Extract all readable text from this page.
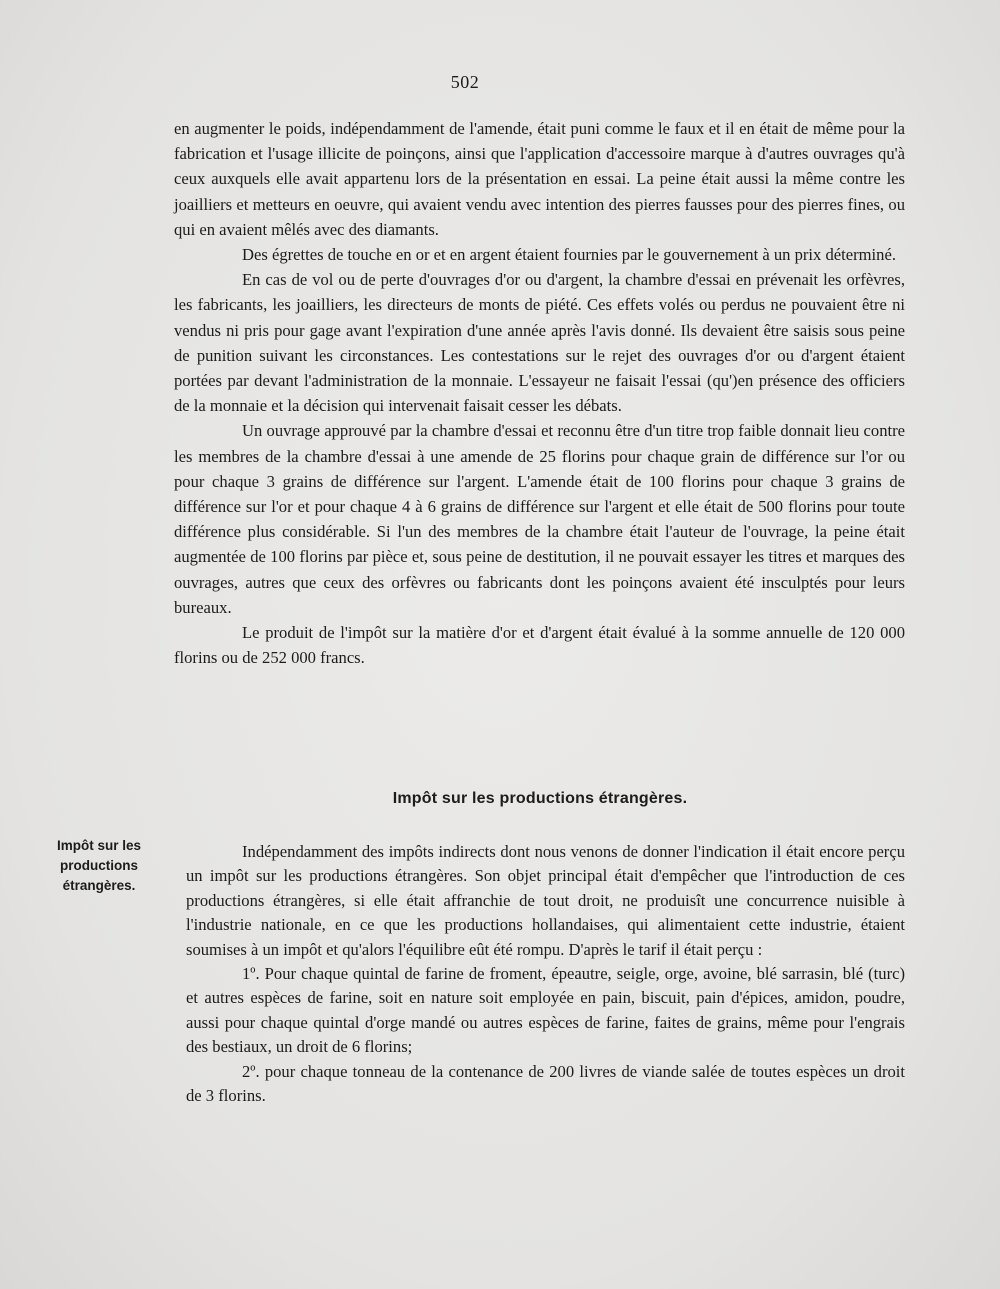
502

en augmenter le poids, indépendamment de l'amende, était puni comme le faux et il en était de même pour la fabrication et l'usage illicite de poinçons, ainsi que l'application d'accessoire marque à d'autres ouvrages qu'à ceux auxquels elle avait appartenu lors de la présentation en essai. La peine était aussi la même contre les joailliers et metteurs en oeuvre, qui avaient vendu avec intention des pierres fausses pour des pierres fines, ou qui en avaient mêlés avec des diamants.

Des égrettes de touche en or et en argent étaient fournies par le gouvernement à un prix déterminé.

En cas de vol ou de perte d'ouvrages d'or ou d'argent, la chambre d'essai en prévenait les orfèvres, les fabricants, les joailliers, les directeurs de monts de piété. Ces effets volés ou perdus ne pouvaient être ni vendus ni pris pour gage avant l'expiration d'une année après l'avis donné. Ils devaient être saisis sous peine de punition suivant les circonstances. Les contestations sur le rejet des ouvrages d'or ou d'argent étaient portées par devant l'administration de la monnaie. L'essayeur ne faisait l'essai (qu')en présence des officiers de la monnaie et la décision qui intervenait faisait cesser les débats.

Un ouvrage approuvé par la chambre d'essai et reconnu être d'un titre trop faible donnait lieu contre les membres de la chambre d'essai à une amende de 25 florins pour chaque grain de différence sur l'or ou pour chaque 3 grains de différence sur l'argent. L'amende était de 100 florins pour chaque 3 grains de différence sur l'or et pour chaque 4 à 6 grains de différence sur l'argent et elle était de 500 florins pour toute différence plus considérable. Si l'un des membres de la chambre était l'auteur de l'ouvrage, la peine était augmentée de 100 florins par pièce et, sous peine de destitution, il ne pouvait essayer les titres et marques des ouvrages, autres que ceux des orfèvres ou fabricants dont les poinçons avaient été insculptés pour leurs bureaux.

Le produit de l'impôt sur la matière d'or et d'argent était évalué à la somme annuelle de 120 000 florins ou de 252 000 francs.

Impôt sur les productions étrangères.
Impôt sur les productions étrangères.

Indépendamment des impôts indirects dont nous venons de donner l'indication il était encore perçu un impôt sur les productions étrangères. Son objet principal était d'empêcher que l'introduction de ces productions étrangères, si elle était affranchie de tout droit, ne produisît une concurrence nuisible à l'industrie nationale, en ce que les productions hollandaises, qui alimentaient cette industrie, étaient soumises à un impôt et qu'alors l'équilibre eût été rompu. D'après le tarif il était perçu :

1º. Pour chaque quintal de farine de froment, épeautre, seigle, orge, avoine, blé sarrasin, blé (turc) et autres espèces de farine, soit en nature soit employée en pain, biscuit, pain d'épices, amidon, poudre, aussi pour chaque quintal d'orge mandé ou autres espèces de farine, faites de grains, même pour l'engrais des bestiaux, un droit de 6 florins;

2º. pour chaque tonneau de la contenance de 200 livres de viande salée de toutes espèces un droit de 3 florins.
